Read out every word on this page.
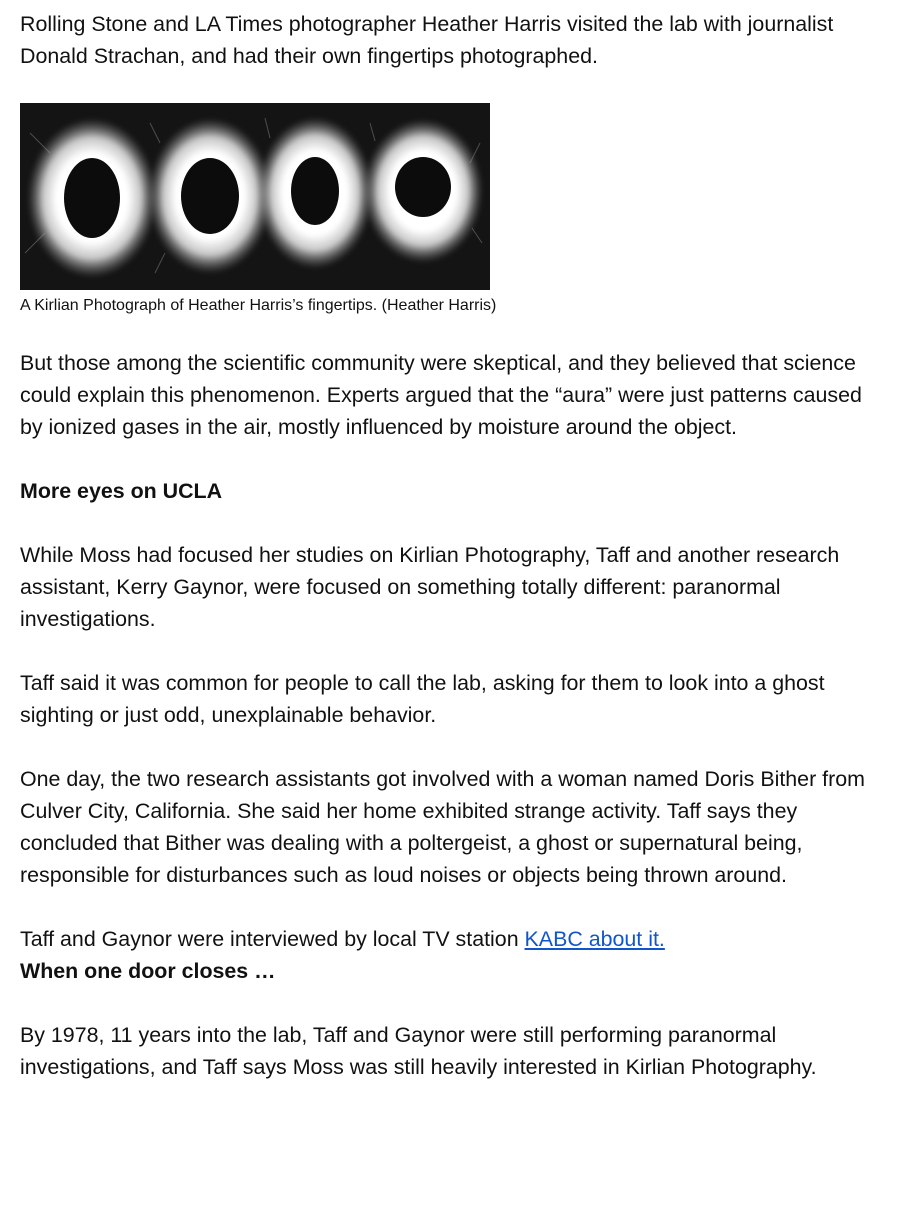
Rolling Stone and LA Times photographer Heather Harris visited the lab with journalist Donald Strachan, and had their own fingertips photographed.

A Kirlian Photograph of Heather Harris’s fingertips. (Heather Harris)

But those among the scientific community were skeptical, and they believed that science could explain this phenomenon. Experts argued that the “aura” were just patterns caused by ionized gases in the air, mostly influenced by moisture around the object.

More eyes on UCLA

While Moss had focused her studies on Kirlian Photography, Taff and another research assistant, Kerry Gaynor, were focused on something totally different: paranormal investigations.

Taff said it was common for people to call the lab, asking for them to look into a ghost sighting or just odd, unexplainable behavior.

One day, the two research assistants got involved with a woman named Doris Bither from Culver City, California. She said her home exhibited strange activity. Taff says they concluded that Bither was dealing with a poltergeist, a ghost or supernatural being, responsible for disturbances such as loud noises or objects being thrown around.

Taff and Gaynor were interviewed by local TV station KABC about it.

When one door closes …

By 1978, 11 years into the lab, Taff and Gaynor were still performing paranormal investigations, and Taff says Moss was still heavily interested in Kirlian Photography.
